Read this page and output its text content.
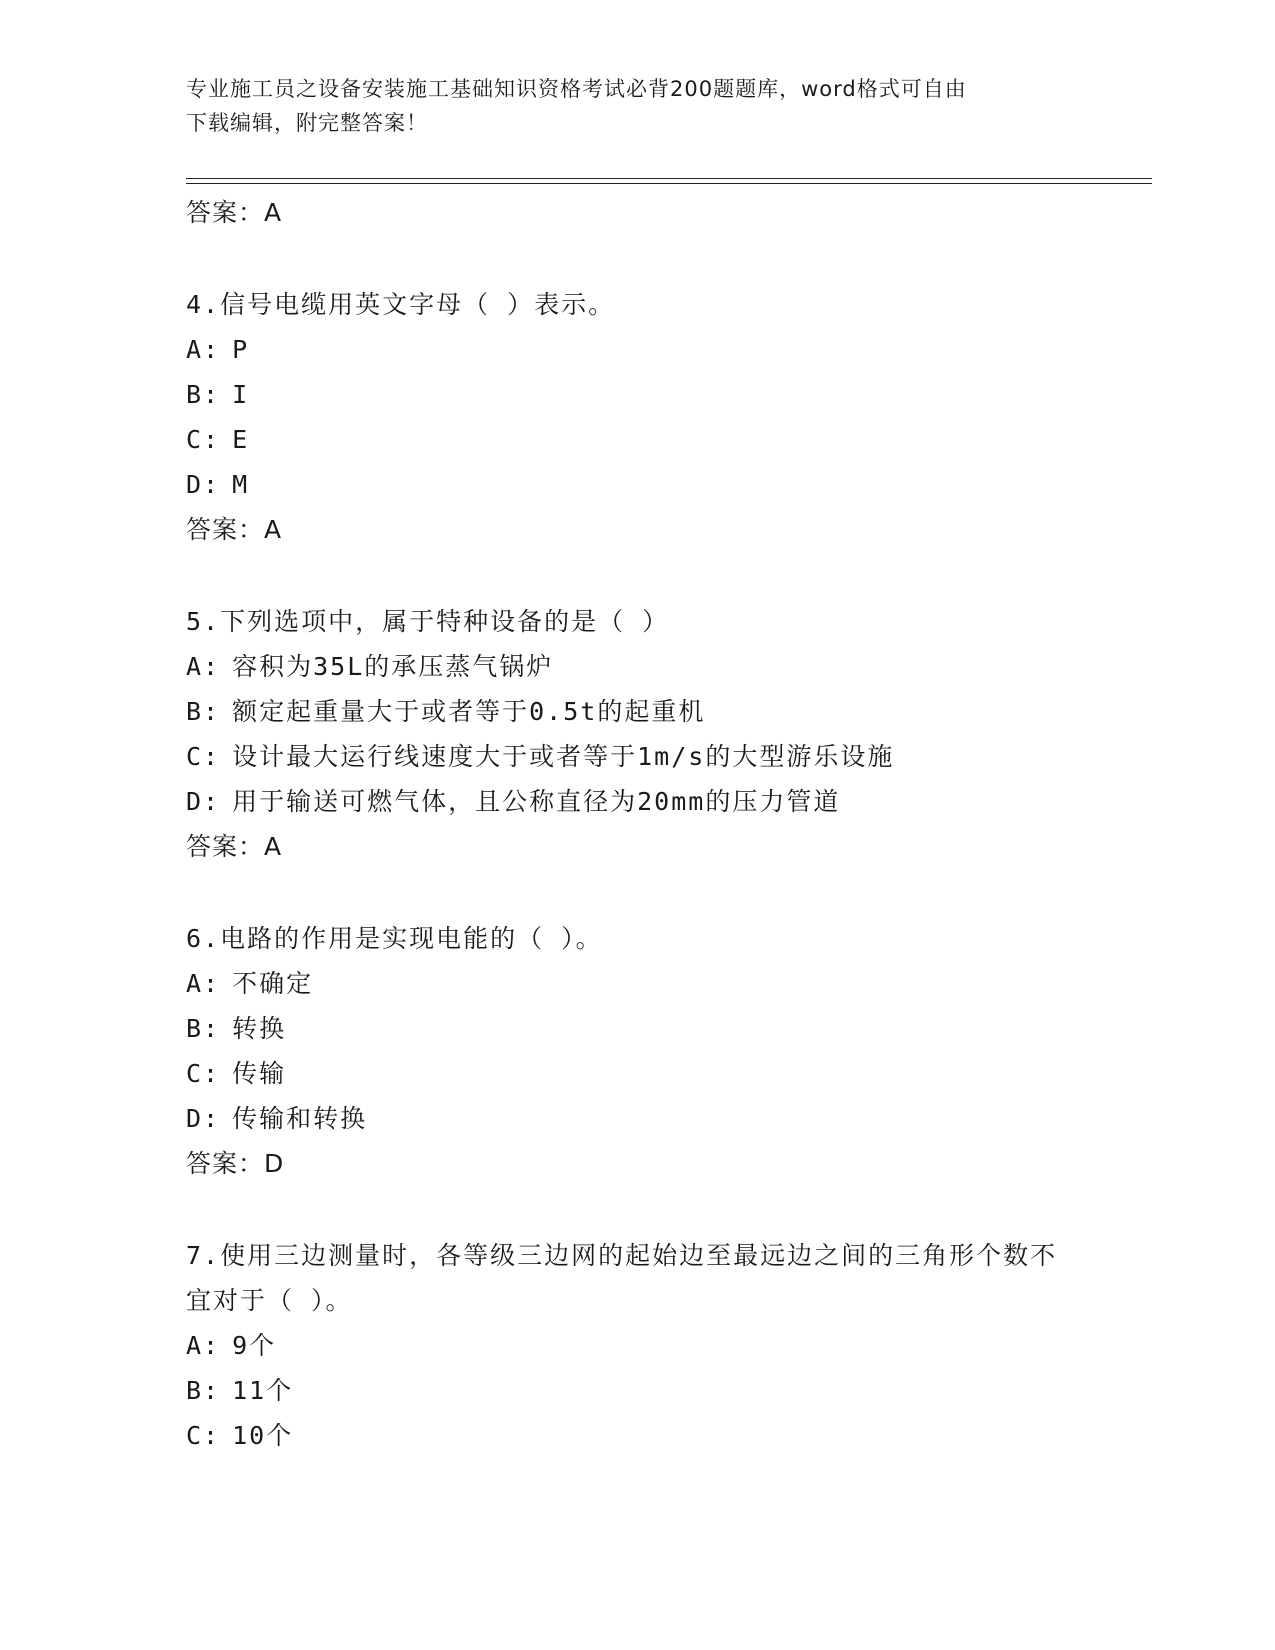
专业施工员之设备安装施工基础知识资格考试必背200题题库，word格式可自由
下载编辑，附完整答案！
答案：A
4.信号电缆用英文字母（ ）表示。
A: P
B: I
C: E
D: M
答案：A
5.下列选项中，属于特种设备的是（ ）
A: 容积为35L的承压蒸气锅炉
B: 额定起重量大于或者等于0.5t的起重机
C: 设计最大运行线速度大于或者等于1m/s的大型游乐设施
D: 用于输送可燃气体，且公称直径为20mm的压力管道
答案：A
6.电路的作用是实现电能的（ ）。
A: 不确定
B: 转换
C: 传输
D: 传输和转换
答案：D
7.使用三边测量时，各等级三边网的起始边至最远边之间的三角形个数不宜对于（ ）。
A: 9个
B: 11个
C: 10个
